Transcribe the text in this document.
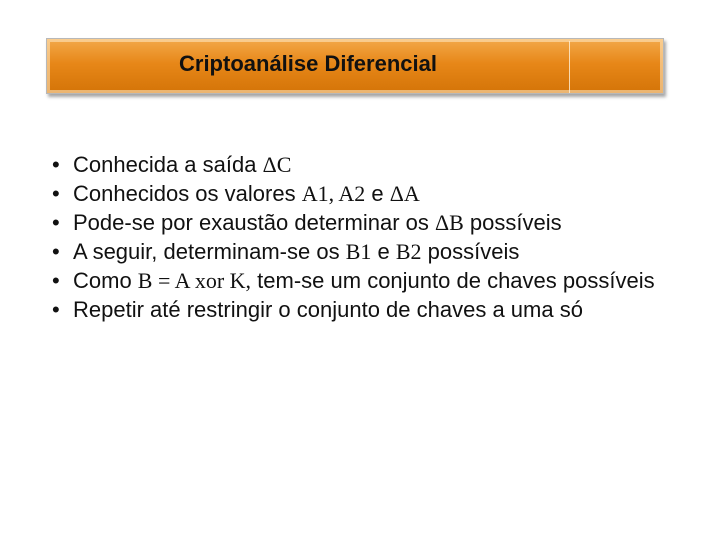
Criptoanálise Diferencial
• Conhecida a saída ΔC
• Conhecidos os valores A1, A2 e ΔA
• Pode-se por exaustão determinar os ΔB possíveis
• A seguir, determinam-se os B1 e B2 possíveis
• Como B = A xor K, tem-se um conjunto de chaves possíveis
• Repetir até restringir o conjunto de chaves a uma só
